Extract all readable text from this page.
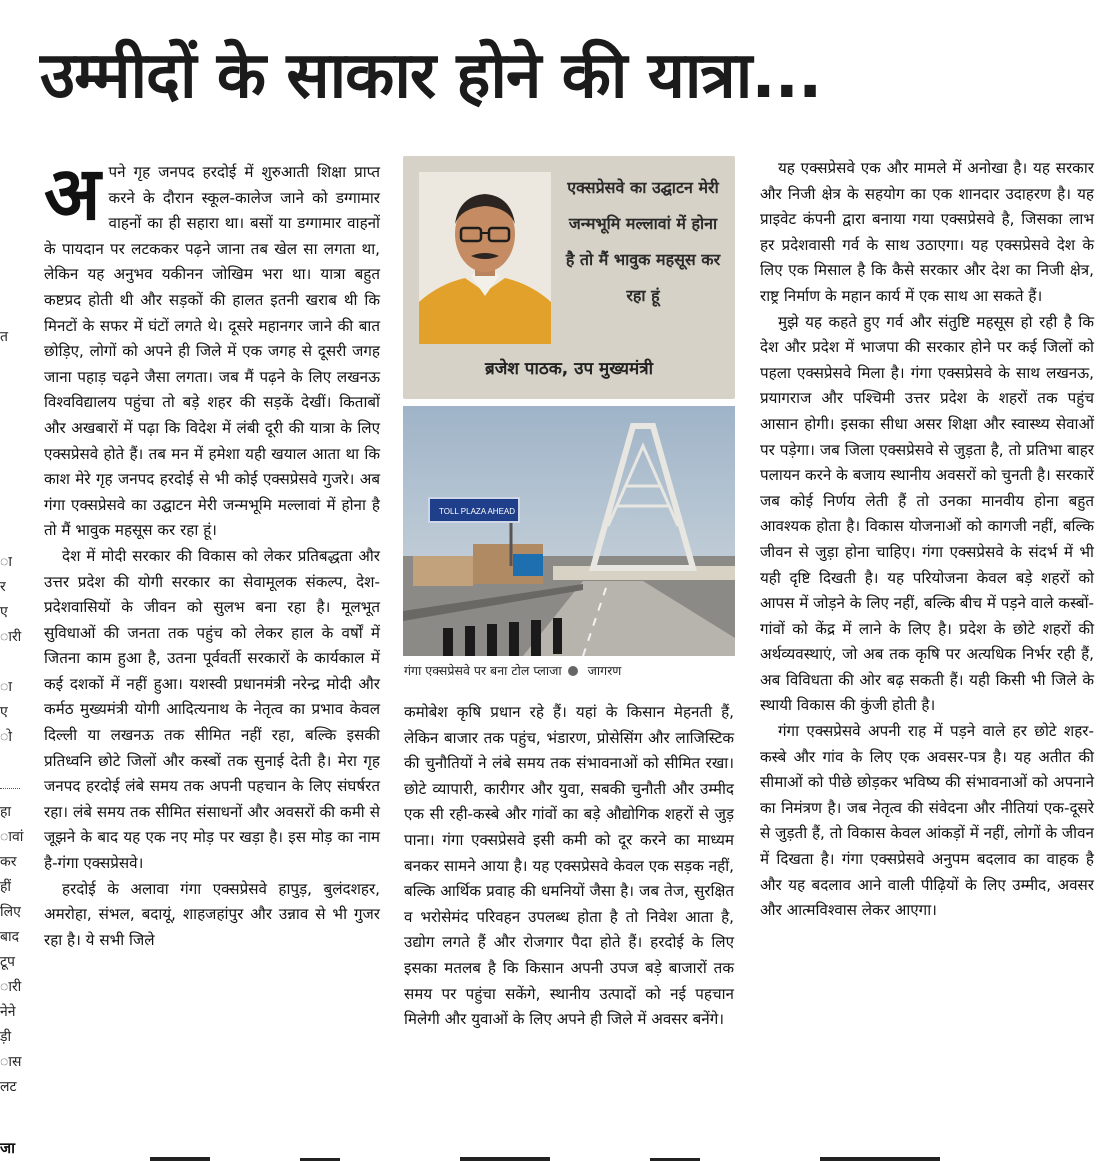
उम्मीदों के साकार होने की यात्रा...

अपने गृह जनपद हरदोई में शुरुआती शिक्षा प्राप्त करने के दौरान स्कूल-कालेज जाने को डग्गामार वाहनों का ही सहारा था। बसों या डग्गामार वाहनों के पायदान पर लटककर पढ़ने जाना तब खेल सा लगता था, लेकिन यह अनुभव यकीनन जोखिम भरा था। यात्रा बहुत कष्टप्रद होती थी और सड़कों की हालत इतनी खराब थी कि मिनटों के सफर में घंटों लगते थे। दूसरे महानगर जाने की बात छोड़िए, लोगों को अपने ही जिले में एक जगह से दूसरी जगह जाना पहाड़ चढ़ने जैसा लगता। जब मैं पढ़ने के लिए लखनऊ विश्वविद्यालय पहुंचा तो बड़े शहर की सड़कें देखीं। किताबों और अखबारों में पढ़ा कि विदेश में लंबी दूरी की यात्रा के लिए एक्सप्रेसवे होते हैं। तब मन में हमेशा यही खयाल आता था कि काश मेरे गृह जनपद हरदोई से भी कोई एक्सप्रेसवे गुजरे। अब गंगा एक्सप्रेसवे का उद्घाटन मेरी जन्मभूमि मल्लावां में होना है तो मैं भावुक महसूस कर रहा हूं।

देश में मोदी सरकार की विकास को लेकर प्रतिबद्धता और उत्तर प्रदेश की योगी सरकार का सेवामूलक संकल्प, देश-प्रदेशवासियों के जीवन को सुलभ बना रहा है। मूलभूत सुविधाओं की जनता तक पहुंच को लेकर हाल के वर्षों में जितना काम हुआ है, उतना पूर्ववर्ती सरकारों के कार्यकाल में कई दशकों में नहीं हुआ। यशस्वी प्रधानमंत्री नरेन्द्र मोदी और कर्मठ मुख्यमंत्री योगी आदित्यनाथ के नेतृत्व का प्रभाव केवल दिल्ली या लखनऊ तक सीमित नहीं रहा, बल्कि इसकी प्रतिध्वनि छोटे जिलों और कस्बों तक सुनाई देती है। मेरा गृह जनपद हरदोई लंबे समय तक अपनी पहचान के लिए संघर्षरत रहा। लंबे समय तक सीमित संसाधनों और अवसरों की कमी से जूझने के बाद यह एक नए मोड़ पर खड़ा है। इस मोड़ का नाम है-गंगा एक्सप्रेसवे।

हरदोई के अलावा गंगा एक्सप्रेसवे हापुड़, बुलंदशहर, अमरोहा, संभल, बदायूं, शाहजहांपुर और उन्नाव से भी गुजर रहा है। ये सभी जिले

एक्सप्रेसवे का उद्घाटन मेरी जन्मभूमि मल्लावां में होना है तो मैं भावुक महसूस कर रहा हूं
ब्रजेश पाठक, उप मुख्यमंत्री
TOLL PLAZA AHEAD
गंगा एक्सप्रेसवे पर बना टोल प्लाजा जागरण

कमोबेश कृषि प्रधान रहे हैं। यहां के किसान मेहनती हैं, लेकिन बाजार तक पहुंच, भंडारण, प्रोसेसिंग और लाजिस्टिक की चुनौतियों ने लंबे समय तक संभावनाओं को सीमित रखा। छोटे व्यापारी, कारीगर और युवा, सबकी चुनौती और उम्मीद एक सी रही-कस्बे और गांवों का बड़े औद्योगिक शहरों से जुड़ पाना। गंगा एक्सप्रेसवे इसी कमी को दूर करने का माध्यम बनकर सामने आया है। यह एक्सप्रेसवे केवल एक सड़क नहीं, बल्कि आर्थिक प्रवाह की धमनियों जैसा है। जब तेज, सुरक्षित व भरोसेमंद परिवहन उपलब्ध होता है तो निवेश आता है, उद्योग लगते हैं और रोजगार पैदा होते हैं। हरदोई के लिए इसका मतलब है कि किसान अपनी उपज बड़े बाजारों तक समय पर पहुंचा सकेंगे, स्थानीय उत्पादों को नई पहचान मिलेगी और युवाओं के लिए अपने ही जिले में अवसर बनेंगे।

यह एक्सप्रेसवे एक और मामले में अनोखा है। यह सरकार और निजी क्षेत्र के सहयोग का एक शानदार उदाहरण है। यह प्राइवेट कंपनी द्वारा बनाया गया एक्सप्रेसवे है, जिसका लाभ हर प्रदेशवासी गर्व के साथ उठाएगा। यह एक्सप्रेसवे देश के लिए एक मिसाल है कि कैसे सरकार और देश का निजी क्षेत्र, राष्ट्र निर्माण के महान कार्य में एक साथ आ सकते हैं।

मुझे यह कहते हुए गर्व और संतुष्टि महसूस हो रही है कि देश और प्रदेश में भाजपा की सरकार होने पर कई जिलों को पहला एक्सप्रेसवे मिला है। गंगा एक्सप्रेसवे के साथ लखनऊ, प्रयागराज और पश्चिमी उत्तर प्रदेश के शहरों तक पहुंच आसान होगी। इसका सीधा असर शिक्षा और स्वास्थ्य सेवाओं पर पड़ेगा। जब जिला एक्सप्रेसवे से जुड़ता है, तो प्रतिभा बाहर पलायन करने के बजाय स्थानीय अवसरों को चुनती है। सरकारें जब कोई निर्णय लेती हैं तो उनका मानवीय होना बहुत आवश्यक होता है। विकास योजनाओं को कागजी नहीं, बल्कि जीवन से जुड़ा होना चाहिए। गंगा एक्सप्रेसवे के संदर्भ में भी यही दृष्टि दिखती है। यह परियोजना केवल बड़े शहरों को आपस में जोड़ने के लिए नहीं, बल्कि बीच में पड़ने वाले कस्बों-गांवों को केंद्र में लाने के लिए है। प्रदेश के छोटे शहरों की अर्थव्यवस्थाएं, जो अब तक कृषि पर अत्यधिक निर्भर रही हैं, अब विविधता की ओर बढ़ सकती हैं। यही किसी भी जिले के स्थायी विकास की कुंजी होती है।

गंगा एक्सप्रेसवे अपनी राह में पड़ने वाले हर छोटे शहर-कस्बे और गांव के लिए एक अवसर-पत्र है। यह अतीत की सीमाओं को पीछे छोड़कर भविष्य की संभावनाओं को अपनाने का निमंत्रण है। जब नेतृत्व की संवेदना और नीतियां एक-दूसरे से जुड़ती हैं, तो विकास केवल आंकड़ों में नहीं, लोगों के जीवन में दिखता है। गंगा एक्सप्रेसवे अनुपम बदलाव का वाहक है और यह बदलाव आने वाली पीढ़ियों के लिए उम्मीद, अवसर और आत्मविश्वास लेकर आएगा।

त

ा
र
ए
ारी

ा
ए
ो
हा
ावां
कर
हीं
लिए
बाद
टूप
ारी
नेने
ड़ी
ास
लट
जा
